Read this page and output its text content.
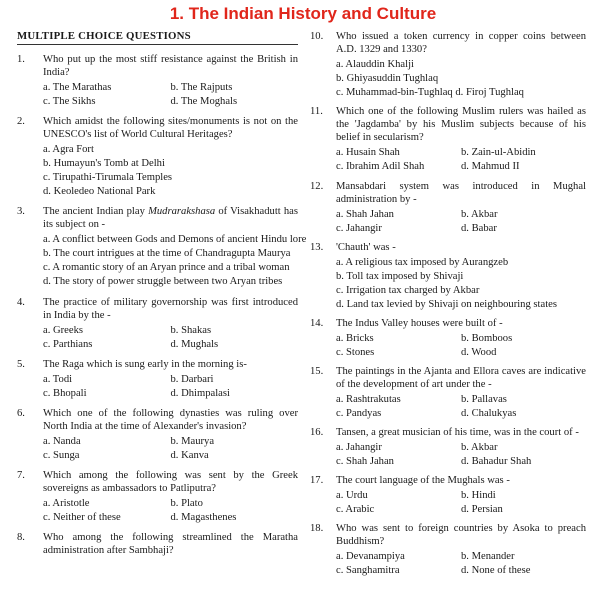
1. The Indian History and Culture
MULTIPLE CHOICE QUESTIONS
1.	Who put up the most stiff resistance against the British in India?
a. The Marathas	b. The Rajputs
c. The Sikhs	d. The Moghals
2.	Which amidst the following sites/monuments is not on the UNESCO's list of World Cultural Heritages?
a. Agra Fort
b. Humayun's Tomb at Delhi
c. Tirupathi-Tirumala Temples
d. Keoledeo National Park
3.	The ancient Indian play Mudrarakshasa of Visakhadutt has its subject on -
a. A conflict between Gods and Demons of ancient Hindu lore
b. The court intrigues at the time of Chandragupta Maurya
c. A romantic story of an Aryan prince and a tribal woman
d. The story of power struggle between two Aryan tribes
4.	The practice of military governorship was first introduced in India by the -
a. Greeks	b. Shakas
c. Parthians	d. Mughals
5.	The Raga which is sung early in the morning is-
a. Todi	b. Darbari
c. Bhopali	d. Dhimpalasi
6.	Which one of the following dynasties was ruling over North India at the time of Alexander's invasion?
a. Nanda	b. Maurya
c. Sunga	d. Kanva
7.	Which among the following was sent by the Greek sovereigns as ambassadors to Patliputra?
a. Aristotle	b. Plato
c. Neither of these	d. Magasthenes
8.	Who among the following streamlined the Maratha administration after Sambhaji?
10.	Who issued a token currency in copper coins between A.D. 1329 and 1330?
a. Alauddin Khalji
b. Ghiyasuddin Tughlaq
c. Muhammad-bin-Tughlaq d. Firoj Tughlaq
11.	Which one of the following Muslim rulers was hailed as the 'Jagdamba' by his Muslim subjects because of his belief in secularism?
a. Husain Shah	b. Zain-ul-Abidin
c. Ibrahim Adil Shah	d. Mahmud II
12.	Mansabdari system was introduced in Mughal administration by -
a. Shah Jahan	b. Akbar
c. Jahangir	d. Babar
13.	'Chauth' was -
a. A religious tax imposed by Aurangzeb
b. Toll tax imposed by Shivaji
c. Irrigation tax charged by Akbar
d. Land tax levied by Shivaji on neighbouring states
14.	The Indus Valley houses were built of -
a. Bricks	b. Bomboos
c. Stones	d. Wood
15.	The paintings in the Ajanta and Ellora caves are indicative of the development of art under the -
a. Rashtrakutas	b. Pallavas
c. Pandyas	d. Chalukyas
16.	Tansen, a great musician of his time, was in the court of -
a. Jahangir	b. Akbar
c. Shah Jahan	d. Bahadur Shah
17.	The court language of the Mughals was -
a. Urdu	b. Hindi
c. Arabic	d. Persian
18.	Who was sent to foreign countries by Asoka to preach Buddhism?
a. Devanampiya	b. Menander
c. Sanghamitra	d. None of these
